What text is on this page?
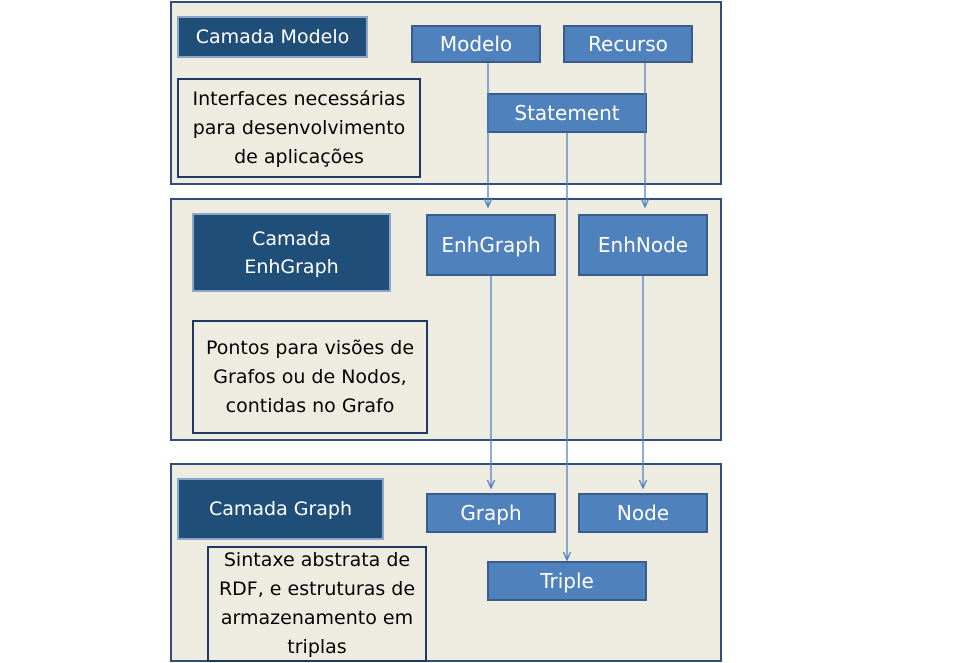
Camada Modelo
Interfaces necessárias
para desenvolvimento
de aplicações
Modelo	Recurso
Statement
Camada
EnhGraph
Pontos para visões de
Grafos ou de Nodos,
contidas no Grafo
EnhGraph	EnhNode
Camada Graph
Sintaxe abstrata de
RDF, e estruturas de
armazenamento em
triplas
Graph	Node
Triple
